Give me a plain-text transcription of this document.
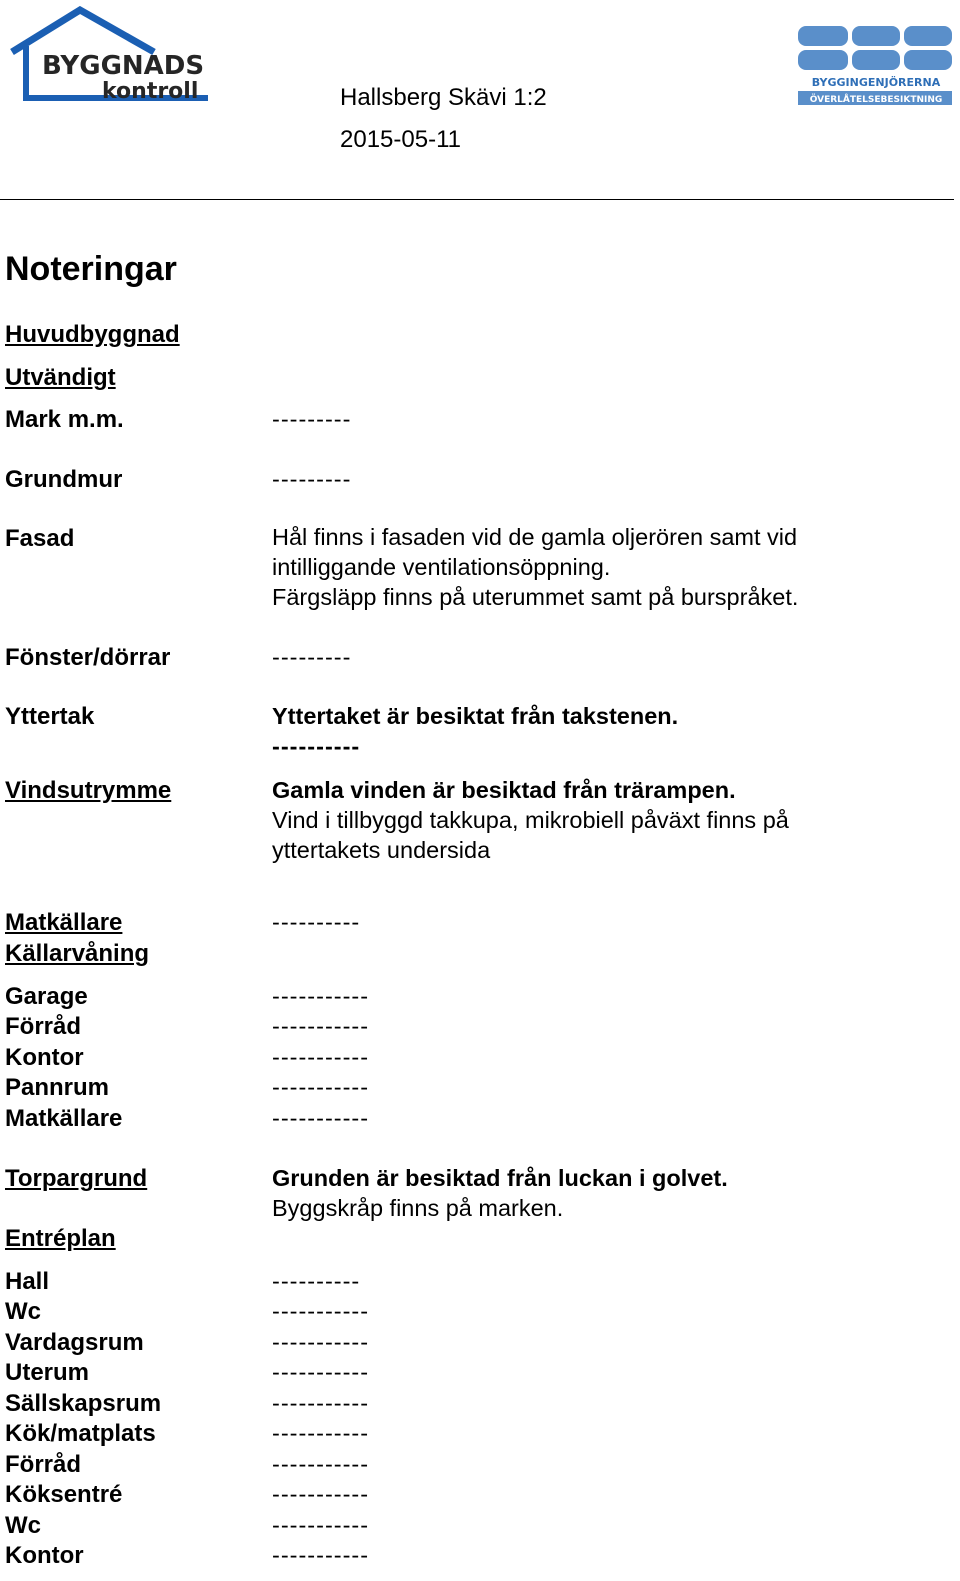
BYGGNADS
kontroll	BYGGINGENJÖRERNA
ÖVERLÅTELSEBESIKTNING
Hallsberg Skävi 1:2
2015-05-11
Noteringar
Huvudbyggnad
Utvändigt
Mark m.m.	---------
Grundmur	---------
Fasad	Hål finns i fasaden vid de gamla oljerören samt vid
intilliggande ventilationsöppning.
Färgsläpp finns på uterummet samt på burspråket.
Fönster/dörrar	---------
Yttertak	Yttertaket är besiktat från takstenen.
----------
Vindsutrymme	Gamla vinden är besiktad från trärampen.
Vind i tillbyggd takkupa, mikrobiell påväxt finns på
yttertakets undersida
Matkällare	----------
Källarvåning
Garage	-----------
Förråd	-----------
Kontor	-----------
Pannrum	-----------
Matkällare	-----------
Torpargrund	Grunden är besiktad från luckan i golvet.
Byggskråp finns på marken.
Entréplan
Hall	----------
Wc	-----------
Vardagsrum	-----------
Uterum	-----------
Sällskapsrum	-----------
Kök/matplats	-----------
Förråd	-----------
Köksentré	-----------
Wc	-----------
Kontor	-----------
